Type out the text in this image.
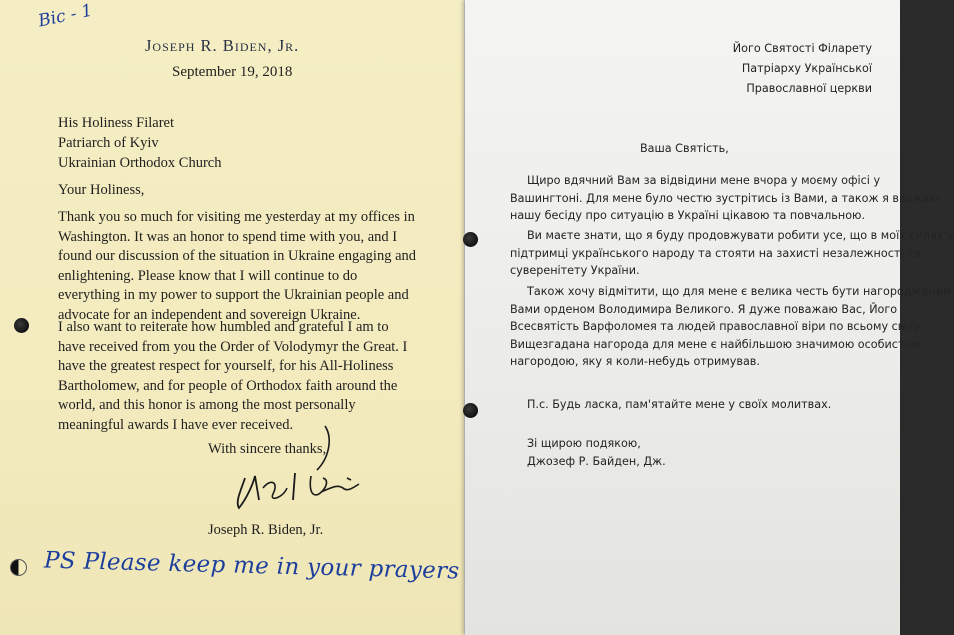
Віс - 1
Joseph R. Biden, Jr.
September 19, 2018
His Holiness Filaret
Patriarch of Kyiv
Ukrainian Orthodox Church
Your Holiness,
Thank you so much for visiting me yesterday at my offices in
Washington. It was an honor to spend time with you, and I
found our discussion of the situation in Ukraine engaging and
enlightening. Please know that I will continue to do
everything in my power to support the Ukrainian people and
advocate for an independent and sovereign Ukraine.
I also want to reiterate how humbled and grateful I am to
have received from you the Order of Volodymyr the Great. I
have the greatest respect for yourself, for his All-Holiness
Bartholomew, and for people of Orthodox faith around the
world, and this honor is among the most personally
meaningful awards I have ever received.
With sincere thanks,
Joseph R. Biden, Jr.
PS Please keep me in your prayers
Його Святості Філарету
Патріарху Української
Православної церкви
Ваша Святість,
Щиро вдячний Вам за відвідини мене вчора у моєму офісі у
Вашингтоні. Для мене було честю зустрітись із Вами, а також я вважаю
нашу бесіду про ситуацію в Україні цікавою та повчальною.
Ви маєте знати, що я буду продовжувати робити усе, що в моїх силах у
підтримці українського народу та стояти на захисті незалежності та
суверенітету України.
Також хочу відмітити, що для мене є велика честь бути нагородженим
Вами орденом Володимира Великого. Я дуже поважаю Вас, Його
Всесвятість Варфоломея та людей православної віри по всьому світу.
Вищезгадана нагорода для мене є найбільшою значимою особистою
нагородою, яку я коли-небудь отримував.
П.с. Будь ласка, пам'ятайте мене у своїх молитвах.
Зі щирою подякою,
Джозеф Р. Байден, Дж.
